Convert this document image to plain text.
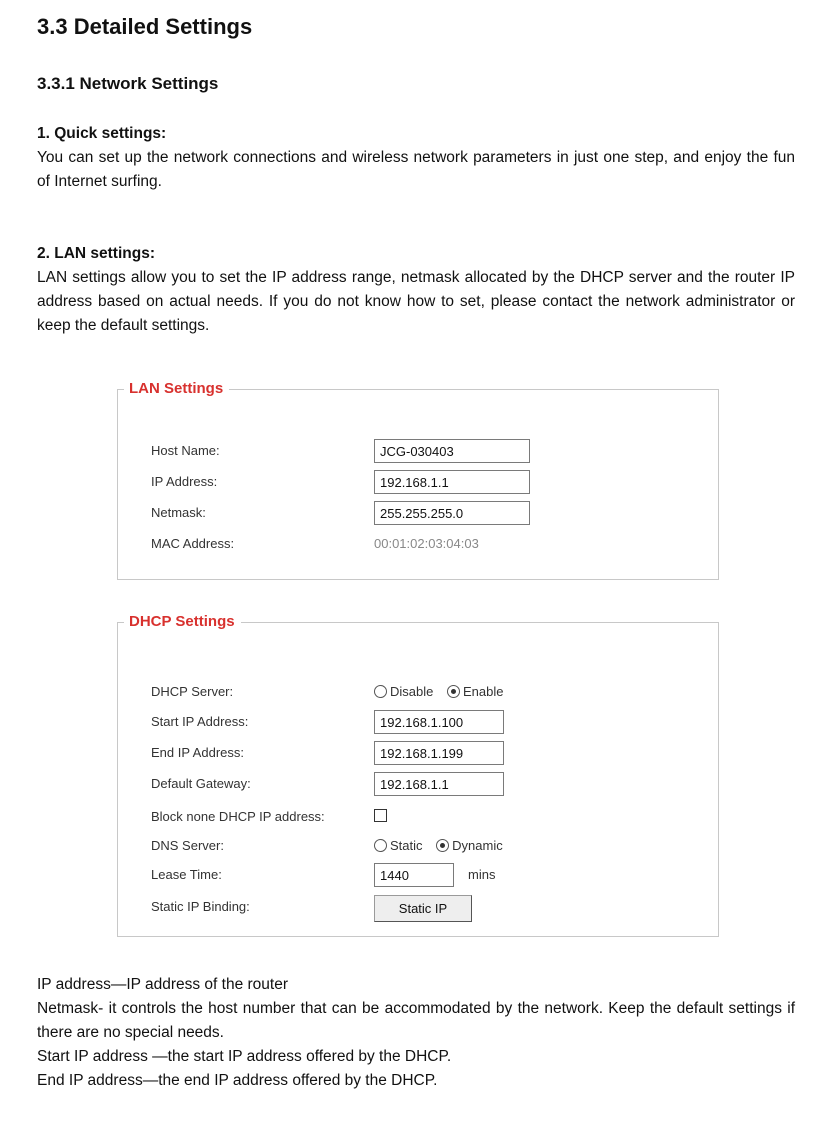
3.3 Detailed Settings
3.3.1 Network Settings
1. Quick settings:
You can set up the network connections and wireless network parameters in just one step, and enjoy the fun of Internet surfing.
2. LAN settings:
LAN settings allow you to set the IP address range, netmask allocated by the DHCP server and the router IP address based on actual needs. If you do not know how to set, please contact the network administrator or keep the default settings.
LAN Settings
Host Name:	JCG-030403
IP Address:	192.168.1.1
Netmask:	255.255.255.0
MAC Address:	00:01:02:03:04:03
DHCP Settings
DHCP Server:	Disable Enable
Start IP Address:	192.168.1.100
End IP Address:	192.168.1.199
Default Gateway:	192.168.1.1
Block none DHCP IP address:
DNS Server:	Static Dynamic
Lease Time:	1440	mins
Static IP Binding:	Static IP
IP address—IP address of the router
Netmask- it controls the host number that can be accommodated by the network. Keep the default settings if there are no special needs.
Start IP address —the start IP address offered by the DHCP.
End IP address—the end IP address offered by the DHCP.
